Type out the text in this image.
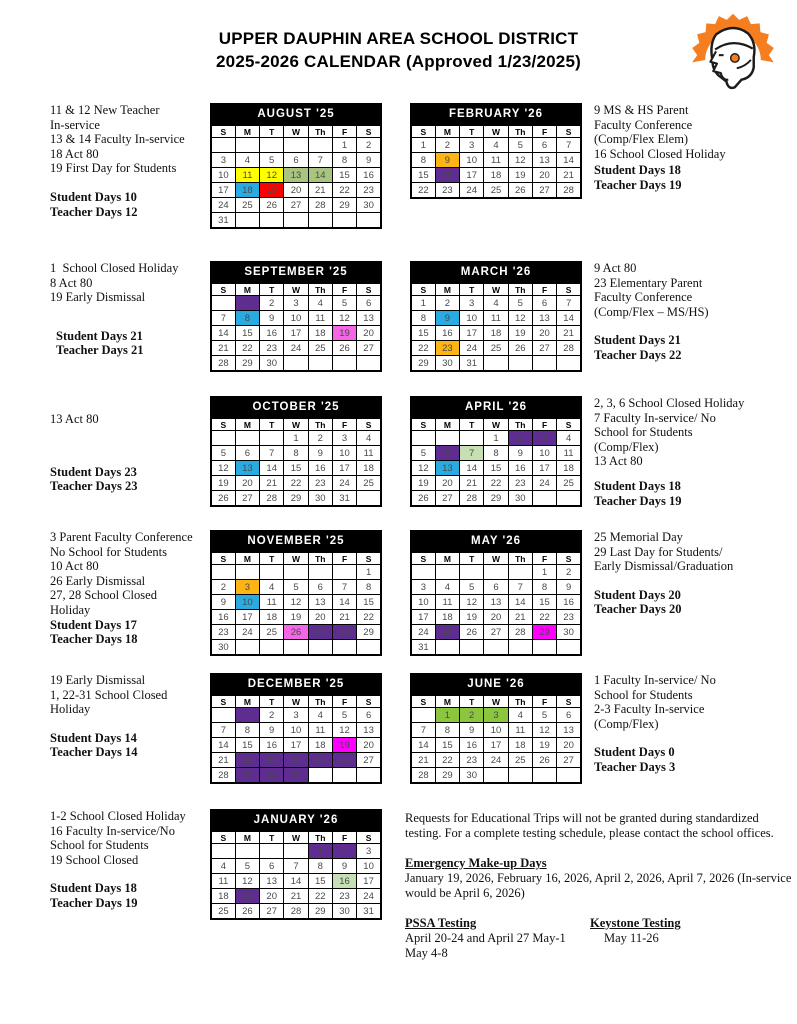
UPPER DAUPHIN AREA SCHOOL DISTRICT
2025-2026 CALENDAR (Approved 1/23/2025)
11 & 12 New Teacher
In-service
13 & 14 Faculty In-service
18 Act 80
19 First Day for Students
Student Days 10
Teacher Days 12
AUGUST '25
S	M	T	W	Th	F	S
					1	2
3	4	5	6	7	8	9
10	11	12	13	14	15	16
17	18	19	20	21	22	23
24	25	26	27	28	29	30
31						
FEBRUARY '26
S	M	T	W	Th	F	S
1	2	3	4	5	6	7
8	9	10	11	12	13	14
15	16	17	18	19	20	21
22	23	24	25	26	27	28
9 MS & HS Parent
Faculty Conference
(Comp/Flex Elem)
16 School Closed Holiday
Student Days 18
Teacher Days 19
1  School Closed Holiday
8 Act 80
19 Early Dismissal
Student Days 21
Teacher Days 21
SEPTEMBER '25
S	M	T	W	Th	F	S
	1	2	3	4	5	6
7	8	9	10	11	12	13
14	15	16	17	18	19	20
21	22	23	24	25	26	27
28	29	30				
MARCH '26
S	M	T	W	Th	F	S
1	2	3	4	5	6	7
8	9	10	11	12	13	14
15	16	17	18	19	20	21
22	23	24	25	26	27	28
29	30	31				
9 Act 80
23 Elementary Parent
Faculty Conference
(Comp/Flex – MS/HS)
Student Days 21
Teacher Days 22
13 Act 80
Student Days 23
Teacher Days 23
OCTOBER '25
S	M	T	W	Th	F	S
			1	2	3	4
5	6	7	8	9	10	11
12	13	14	15	16	17	18
19	20	21	22	23	24	25
26	27	28	29	30	31	
APRIL '26
S	M	T	W	Th	F	S
			1	2	3	4
5	6	7	8	9	10	11
12	13	14	15	16	17	18
19	20	21	22	23	24	25
26	27	28	29	30		
2, 3, 6 School Closed Holiday
7 Faculty In-service/ No
School for Students
(Comp/Flex)
13 Act 80
Student Days 18
Teacher Days 19
3 Parent Faculty Conference
No School for Students
10 Act 80
26 Early Dismissal
27, 28 School Closed
Holiday
Student Days 17
Teacher Days 18
NOVEMBER '25
S	M	T	W	Th	F	S
						1
2	3	4	5	6	7	8
9	10	11	12	13	14	15
16	17	18	19	20	21	22
23	24	25	26	27	28	29
30						
MAY '26
S	M	T	W	Th	F	S
					1	2
3	4	5	6	7	8	9
10	11	12	13	14	15	16
17	18	19	20	21	22	23
24	25	26	27	28	29	30
31						
25 Memorial Day
29 Last Day for Students/
Early Dismissal/Graduation
Student Days 20
Teacher Days 20
19 Early Dismissal
1, 22-31 School Closed
Holiday
Student Days 14
Teacher Days 14
DECEMBER '25
S	M	T	W	Th	F	S
	1	2	3	4	5	6
7	8	9	10	11	12	13
14	15	16	17	18	19	20
21	22	23	24	25	26	27
28	29	30	31			
JUNE '26
S	M	T	W	Th	F	S
	1	2	3	4	5	6
7	8	9	10	11	12	13
14	15	16	17	18	19	20
21	22	23	24	25	26	27
28	29	30				
1 Faculty In-service/ No
School for Students
2-3 Faculty In-service
(Comp/Flex)
Student Days 0
Teacher Days 3
1-2 School Closed Holiday
16 Faculty In-service/No
School for Students
19 School Closed
Student Days 18
Teacher Days 19
JANUARY '26
S	M	T	W	Th	F	S
				1	2	3
4	5	6	7	8	9	10
11	12	13	14	15	16	17
18	19	20	21	22	23	24
25	26	27	28	29	30	31
Requests for Educational Trips will not be granted during standardized testing. For a complete testing schedule, please contact the school offices.
Emergency Make-up Days
January 19, 2026, February 16, 2026, April 2, 2026, April 7, 2026 (In-service would be April 6, 2026)
PSSA Testing
April 20-24 and April 27 May-1
May 4-8
Keystone Testing
May 11-26
